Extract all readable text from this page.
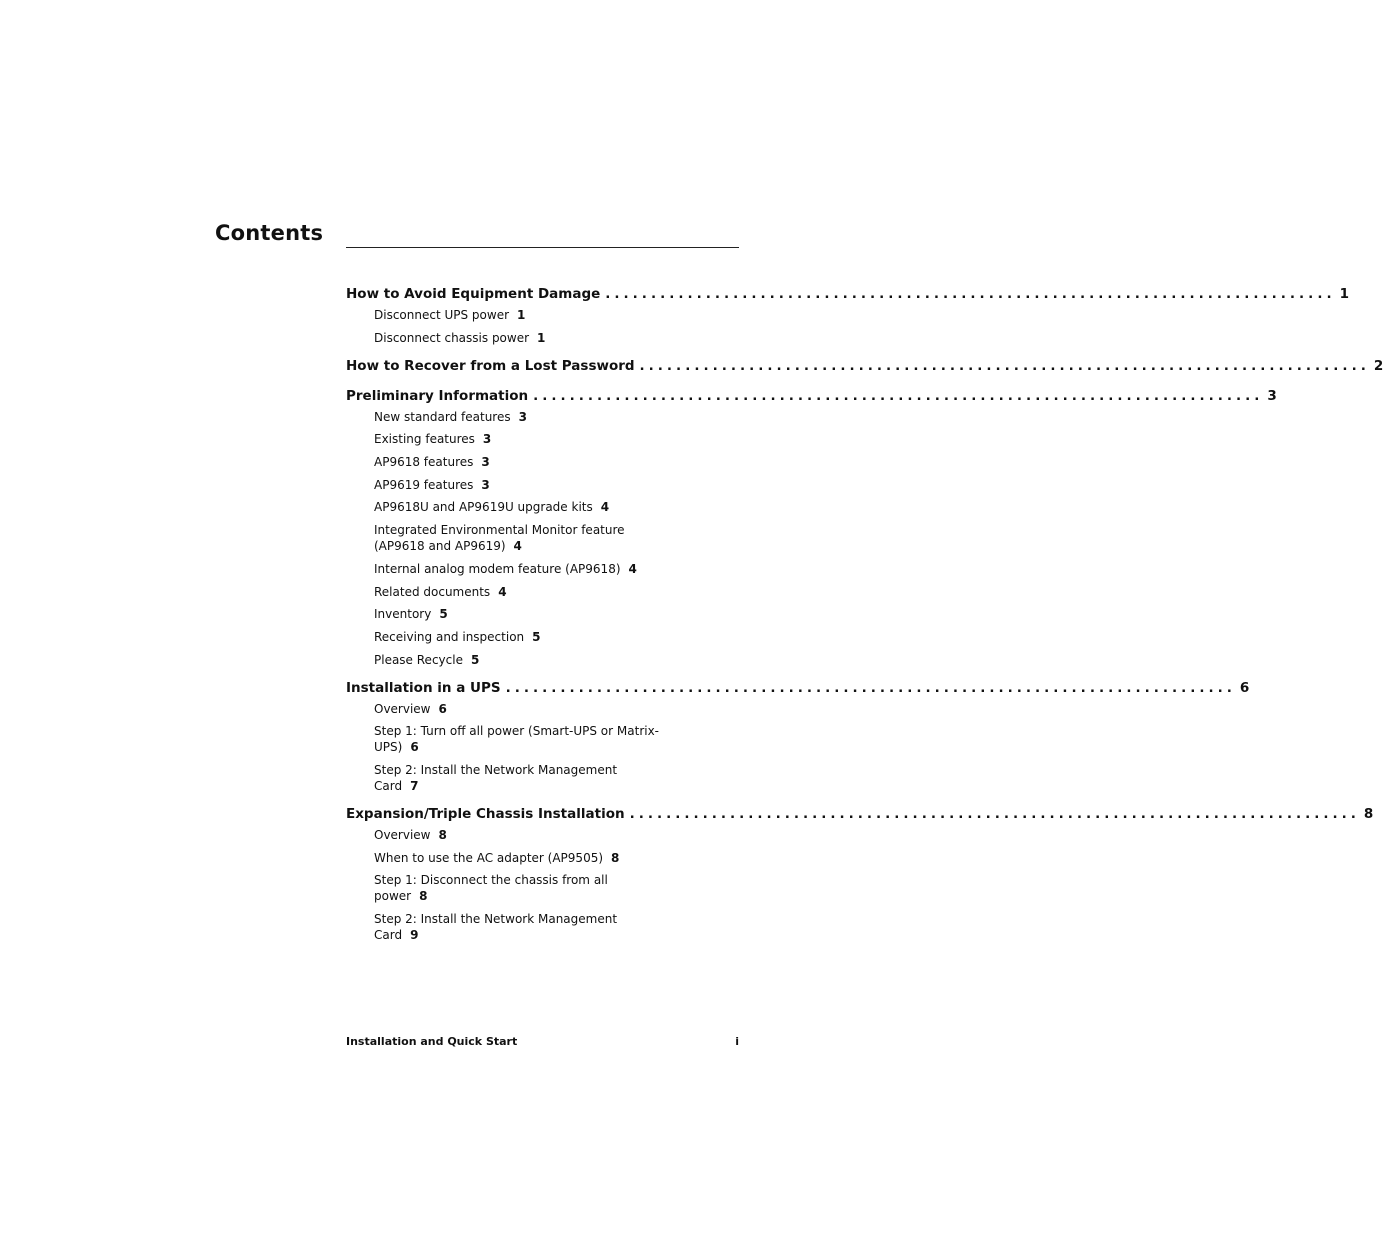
Contents
How to Avoid Equipment Damage ................................................................................ 1
Disconnect UPS power 1
Disconnect chassis power 1
How to Recover from a Lost Password ................................................................................ 2
Preliminary Information ................................................................................ 3
New standard features 3
Existing features 3
AP9618 features 3
AP9619 features 3
AP9618U and AP9619U upgrade kits 4
Integrated Environmental Monitor feature (AP9618 and AP9619) 4
Internal analog modem feature (AP9618) 4
Related documents 4
Inventory 5
Receiving and inspection 5
Please Recycle 5
Installation in a UPS ................................................................................ 6
Overview 6
Step 1: Turn off all power (Smart-UPS or Matrix-UPS) 6
Step 2: Install the Network Management Card 7
Expansion/Triple Chassis Installation ................................................................................ 8
Overview 8
When to use the AC adapter (AP9505) 8
Step 1: Disconnect the chassis from all power 8
Step 2: Install the Network Management Card 9
Installation and Quick Start	i
